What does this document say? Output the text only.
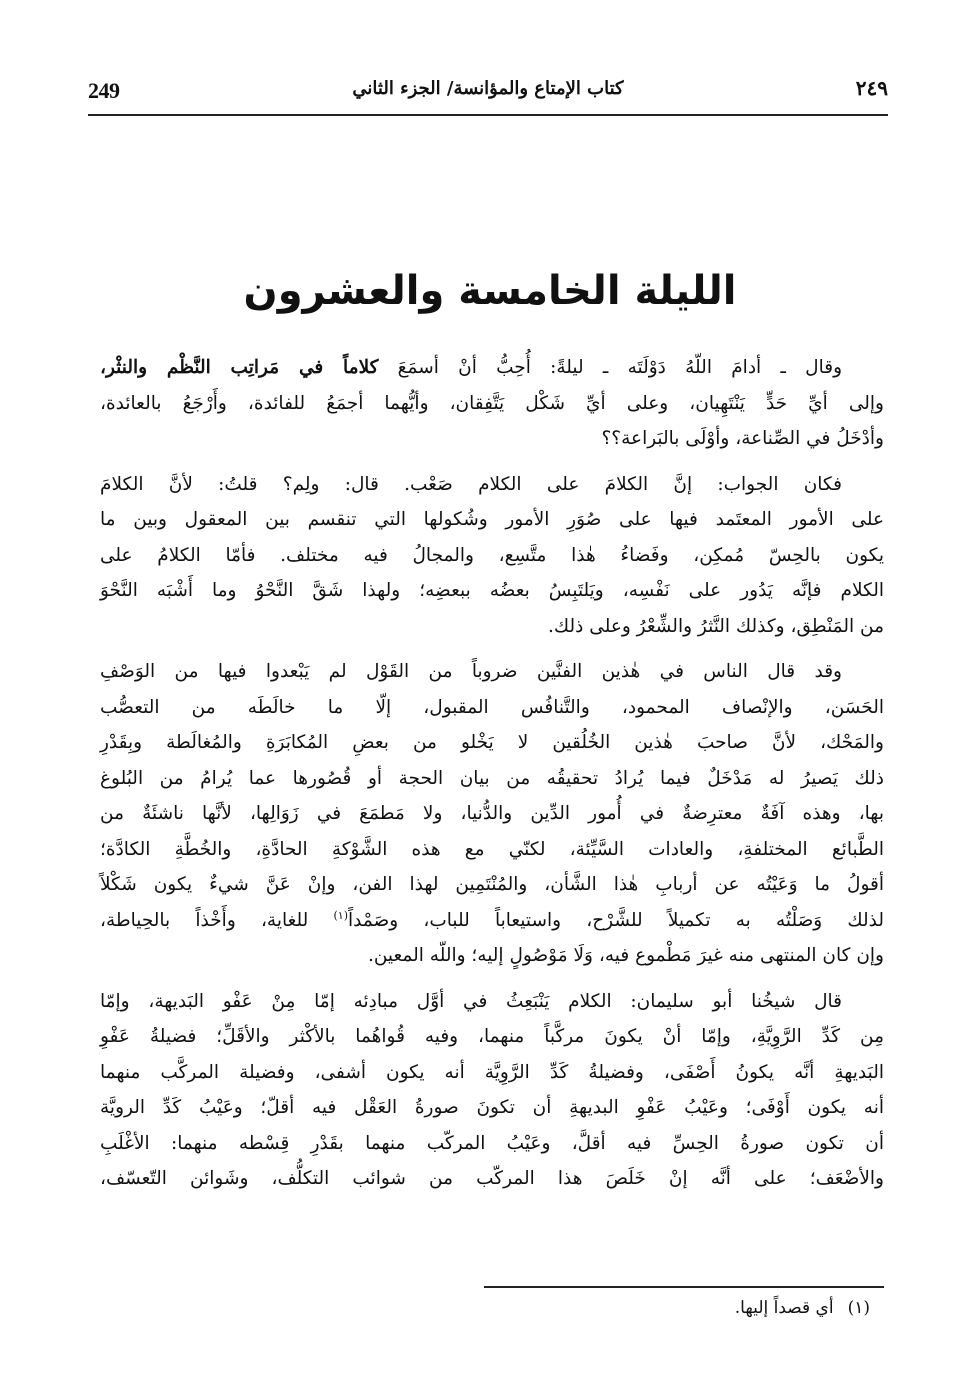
249	كتاب الإمتاع والمؤانسة/ الجزء الثاني	٢٤٩
الليلة الخامسة والعشرون
وقال ـ أدامَ اللّهُ دَوْلَتَه ـ ليلةً: أُحِبُّ أنْ أسمَعَ كلاماً في مَراتِب النَّظْم والنثْر،
وإلى أيِّ حَدٍّ يَنْتَهِيان، وعلى أيِّ شَكْل يَتَّفِقان، وأيُّهما أجمَعُ للفائدة، وأَرْجَعُ بالعائدة،
وأدْخَلُ في الصِّناعة، وأوْلَى بالبَراعة؟؟
فكان الجواب: إنَّ الكلامَ على الكلام صَعْب. قال: ولِم؟ قلتُ: لأنَّ الكلامَ
على الأمور المعتَمد فيها على صُوَرِ الأمور وشُكولها التي تنقسم بين المعقول وبين ما
يكون بالحِسّ مُمكِن، وفَضاءُ هٰذا متَّسِع، والمجالُ فيه مختلف. فأمّا الكلامُ على
الكلام فإنَّه يَدُور على نَفْسِه، ويَلتَبِسُ بعضُه ببعضِه؛ ولهذا شَقَّ النَّحْوُ وما أَشْبَه النَّحْوَ
من المَنْطِق، وكذلك النَّثرُ والشِّعْرُ وعلى ذلك.
وقد قال الناس في هٰذين الفنَّين ضروباً من القَوْل لم يَبْعدوا فيها من الوَصْفِ
الحَسَن، والإنْصاف المحمود، والتَّنافُس المقبول، إلّا ما خالَطَه من التعصُّب
والمَحْك، لأنَّ صاحبَ هٰذين الخُلُقين لا يَخْلو من بعضِ المُكابَرَةِ والمُغالَطة وبِقَدْرِ
ذلك يَصيرُ له مَدْخَلٌ فيما يُرادُ تحقيقُه من بيان الحجة أو قُصُورها عما يُرامُ من البُلوغ
بها، وهذه آفَةٌ معترِضةٌ في أُمور الدِّين والدُّنيا، ولا مَطمَعَ في زَوَالِها، لأنَّها ناشئَةٌ من
الطَّبائع المختلفةِ، والعادات السَّيِّئة، لكنّي مع هذه الشَّوْكةِ الحادَّةِ، والخُطَّةِ الكادَّة؛
أقولُ ما وَعَيْتُه عن أربابِ هٰذا الشَّأن، والمُنْتَمِين لهذا الفن، وإنْ عَنَّ شيءٌ يكون شَكْلاً
لذلك وَصَلْتُه به تكميلاً للشَّرْح، واستيعاباً للباب، وصَمْداً$^{(١)}$ للغاية، وأَخْذاً بالحِياطة،
وإن كان المنتهى منه غيرَ مَطْموع فيه، وَلَا مَوْصُولٍ إليه؛ واللّه المعين.
قال شيخُنا أبو سليمان: الكلام يَنْبَعِثُ في أوَّل مبادِئه إمّا مِنْ عَفْو البَديهة، وإمّا
مِن كَدِّ الرَّوِيَّةِ، وإمّا أنْ يكونَ مركَّباً منهما، وفيه قُواهُما بالأكْثر والأقَلِّ؛ فضيلةُ عَفْوِ
البَديهةِ أنَّه يكونُ أَصْفَى، وفضيلةُ كَدِّ الرَّوِيَّة أنه يكون أشفى، وفضيلة المركَّب منهما
أنه يكون أَوْفَى؛ وعَيْبُ عَفْوِ البديهةِ أن تكونَ صورةُ العَقْل فيه أقلّ؛ وعَيْبُ كَدِّ الرويَّة
أن تكون صورةُ الحِسِّ فيه أقلَّ، وعَيْبُ المركّب منهما بقَدْرِ قِسْطه منهما: الأغْلَبِ
والأضْعَف؛ على أنَّه إنْ خَلَصَ هذا المركّب من شوائب التكلُّف، وشَوائن التّعسّف،
(١)أي قصداً إليها.
